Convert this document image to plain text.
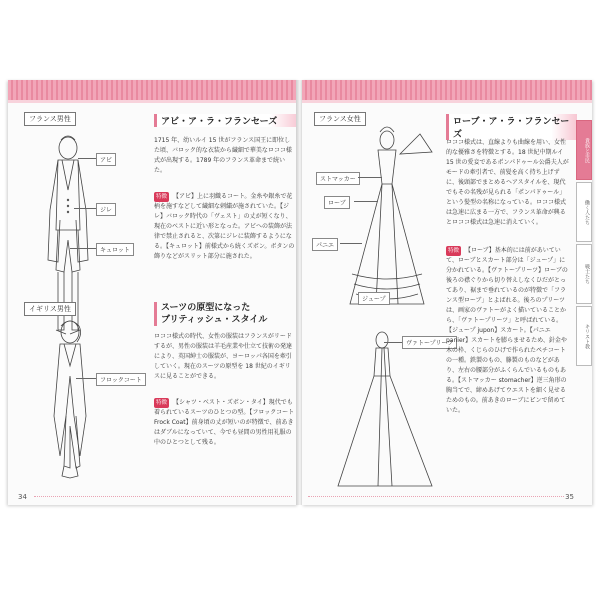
フランス男性
アビ
ジレ
キュロット
アビ・ア・ラ・フランセーズ

1715 年、幼いルイ 15 世がフランス国王に即位した頃、バロック的な衣装から繊細で華美なロココ様式が出現する。1789 年のフランス革命まで続いた。

特徴 【アビ】上に羽織るコート。金糸や銀糸で花柄を施すなどして繊細な刺繍が施されていた。【ジレ】バロック時代の「ヴェスト」の丈が短くなり、現在のベストに近い形となった。アビへの装飾が法律で禁止されると、次第にジレに装飾するようになる。【キュロット】前様式から続くズボン。ボタンの飾りなどがスリット部分に施された。
イギリス男性
フロックコート
スーツの原型になった
ブリティッシュ・スタイル

ロココ様式の時代、女性の服装はフランスがリードするが、男性の服装は羊毛産業や仕立て技術の発達により、英国紳士の服装が、ヨーロッパ各国を牽引していく。現在のスーツの原型を 18 世紀のイギリスに見ることができる。

特徴 【シャツ・ベスト・ズボン・タイ】現代でも着られているスーツのひとつの型。【フロックコート Frock Coat】前身頃の丈が短いのが特徴で、前あきはダブルになっていて、今でも昼間の男性用礼服の中のひとつとして残る。
34
フランス女性
ストマッカー
ローブ
パニエ
ジュープ
ヴァトープリーツ
ローブ・ア・ラ・フランセーズ

ロココ様式は、直線よりも曲線を用い、女性的な優雅さを特徴とする。18 世紀中期ルイ 15 世の愛妾であるポンパドゥール公爵夫人がモードの牽引者で、前髪を高く持ち上げずに、後頭部でまとめるヘアスタイルを、現代でもその名残が見られる「ポンパドゥール」という髪型の名称になっている。ロココ様式は急速に広まる一方で、フランス革命が興るとロココ様式は急速に消えていく。

特徴 【ローブ】基本的には前があいていて、ローブとスカート部分は「ジュープ」に分かれている。【ヴァトープリーツ】ローブの後ろの襟ぐりから切り替えしなくひだがとってあり、裾まで垂れているのが特徴で「フランス型ローブ」とよばれる。後ろのプリーツは、画家のヴァトーがよく描いていることから、「ヴァトープリーツ」と呼ばれている。【ジュープ jupon】スカート。【パニエ panier】スカートを膨らませるため、針金や木の枠、くじらのひげで作られたペチコートの一種。鉄製のもの、籐製のものなどがあり、左右の腰部分がふくらんでいるものもある。【ストマッカー stomacher】逆三角形の胸当てで、締めあげてウエストを細く見せるためのもの。前あきのローブにピンで留めていた。
貴族と市民
働く人たち
戦士たち
キリスト教
35
